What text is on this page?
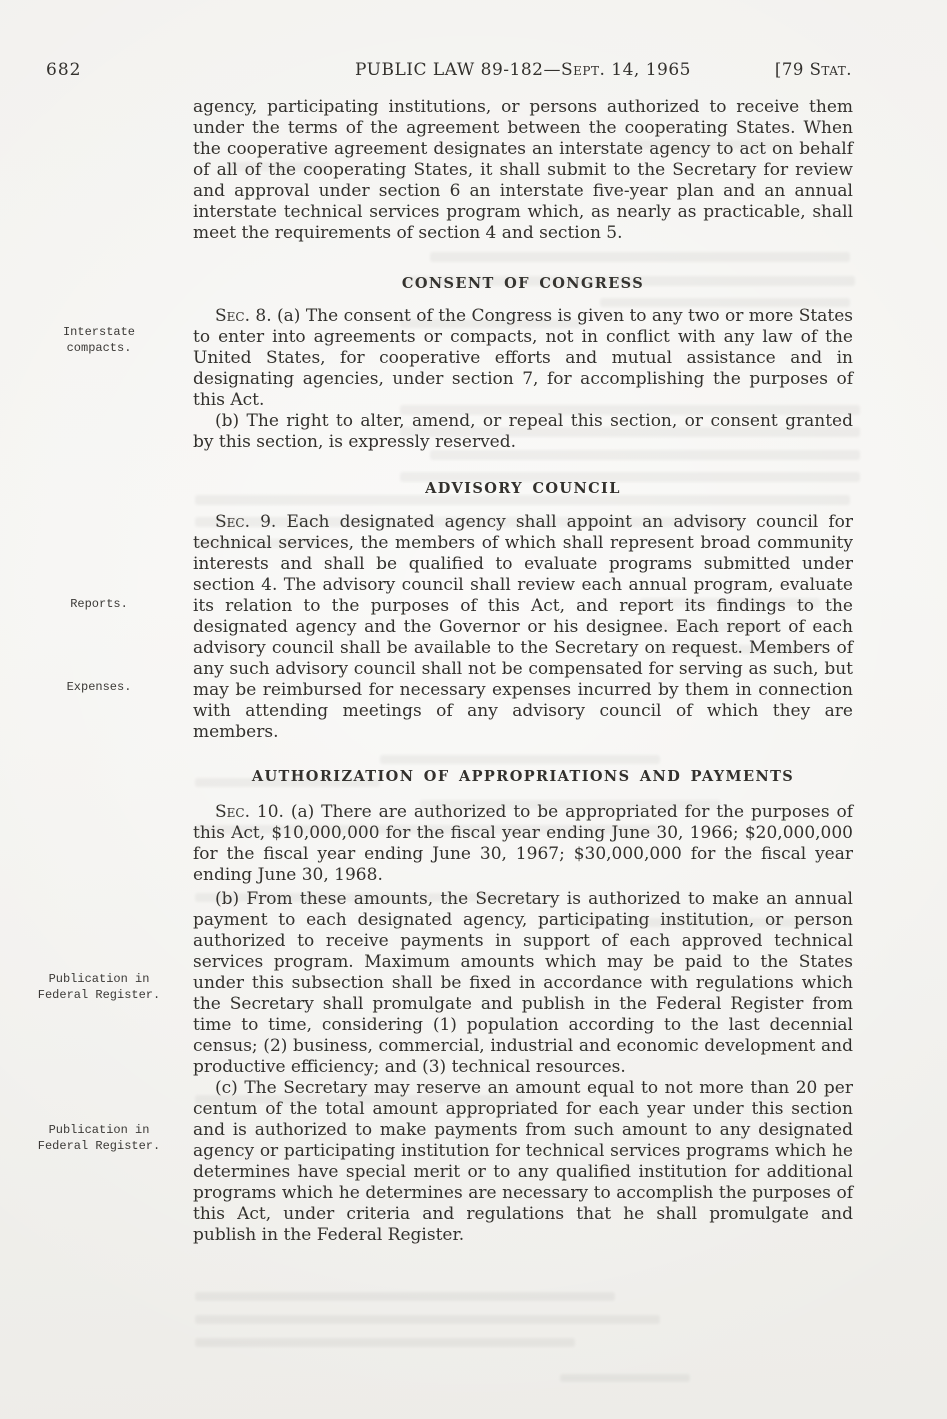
682	PUBLIC LAW 89-182—Sept. 14, 1965	[79 Stat.
Interstate
compacts.
Reports.
Expenses.
Publication in
Federal Register.
Publication in
Federal Register.

agency, participating institutions, or persons authorized to receive them under the terms of the agreement between the cooperating States. When the cooperative agreement designates an interstate agency to act on behalf of all of the cooperating States, it shall submit to the Secretary for review and approval under section 6 an interstate five-year plan and an annual interstate technical services program which, as nearly as practicable, shall meet the requirements of section 4 and section 5.

CONSENT OF CONGRESS

Sec. 8. (a) The consent of the Congress is given to any two or more States to enter into agreements or compacts, not in conflict with any law of the United States, for cooperative efforts and mutual assistance and in designating agencies, under section 7, for accomplishing the purposes of this Act.

(b) The right to alter, amend, or repeal this section, or consent granted by this section, is expressly reserved.

ADVISORY COUNCIL

Sec. 9. Each designated agency shall appoint an advisory council for technical services, the members of which shall represent broad community interests and shall be qualified to evaluate programs submitted under section 4. The advisory council shall review each annual program, evaluate its relation to the purposes of this Act, and report its findings to the designated agency and the Governor or his designee. Each report of each advisory council shall be available to the Secretary on request. Members of any such advisory council shall not be compensated for serving as such, but may be reimbursed for necessary expenses incurred by them in connection with attending meetings of any advisory council of which they are members.

AUTHORIZATION OF APPROPRIATIONS AND PAYMENTS

Sec. 10. (a) There are authorized to be appropriated for the purposes of this Act, $10,000,000 for the fiscal year ending June 30, 1966; $20,000,000 for the fiscal year ending June 30, 1967; $30,000,000 for the fiscal year ending June 30, 1968.

(b) From these amounts, the Secretary is authorized to make an annual payment to each designated agency, participating institution, or person authorized to receive payments in support of each approved technical services program. Maximum amounts which may be paid to the States under this subsection shall be fixed in accordance with regulations which the Secretary shall promulgate and publish in the Federal Register from time to time, considering (1) population according to the last decennial census; (2) business, commercial, industrial and economic development and productive efficiency; and (3) technical resources.

(c) The Secretary may reserve an amount equal to not more than 20 per centum of the total amount appropriated for each year under this section and is authorized to make payments from such amount to any designated agency or participating institution for technical services programs which he determines have special merit or to any qualified institution for additional programs which he determines are necessary to accomplish the purposes of this Act, under criteria and regulations that he shall promulgate and publish in the Federal Register.
